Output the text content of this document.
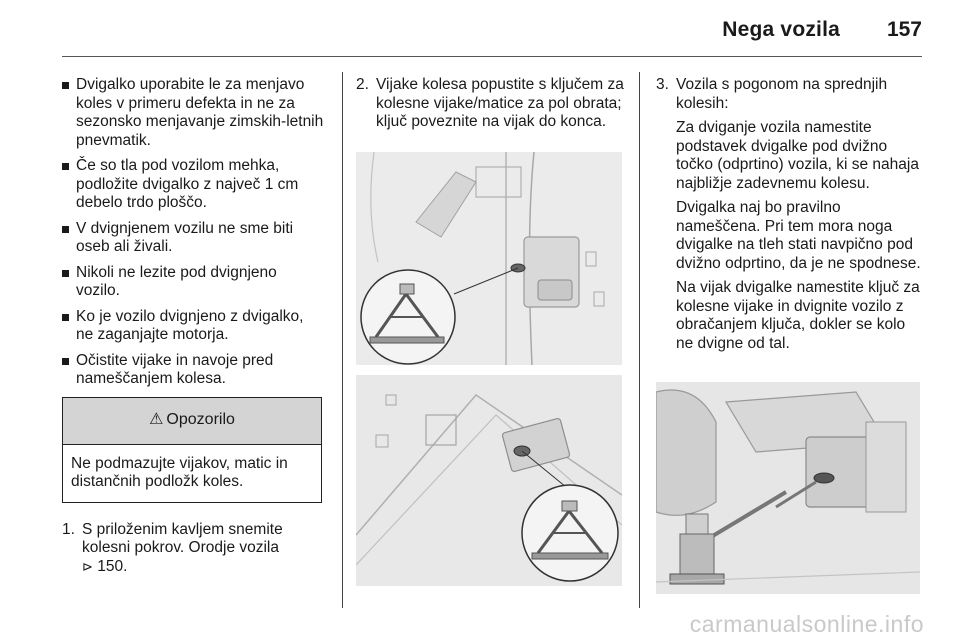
Nega vozila 157
Dvigalko uporabite le za menjavo koles v primeru defekta in ne za sezonsko menjavanje zimskih-letnih pnevmatik.
Če so tla pod vozilom mehka, podložite dvigalko z največ 1 cm debelo trdo ploščo.
V dvignjenem vozilu ne sme biti oseb ali živali.
Nikoli ne lezite pod dvignjeno vozilo.
Ko je vozilo dvignjeno z dvigalko, ne zaganjajte motorja.
Očistite vijake in navoje pred nameščanjem kolesa.
⚠ Opozorilo
Ne podmazujte vijakov, matic in distančnih podložk koles.
1. S priloženim kavljem snemite kolesni pokrov. Orodje vozila
⊳ 150.
2. Vijake kolesa popustite s ključem za kolesne vijake/matice za pol obrata; ključ poveznite na vijak do konca.
3. Vozila s pogonom na sprednjih kolesih:

Za dviganje vozila namestite podstavek dvigalke pod dvižno točko (odprtino) vozila, ki se nahaja najbližje zadevnemu kolesu.

Dvigalka naj bo pravilno nameščena. Pri tem mora noga dvigalke na tleh stati navpično pod dvižno odprtino, da je ne spodnese.

Na vijak dvigalke namestite ključ za kolesne vijake in dvignite vozilo z obračanjem ključa, dokler se kolo ne dvigne od tal.

carmanualsonline.info
